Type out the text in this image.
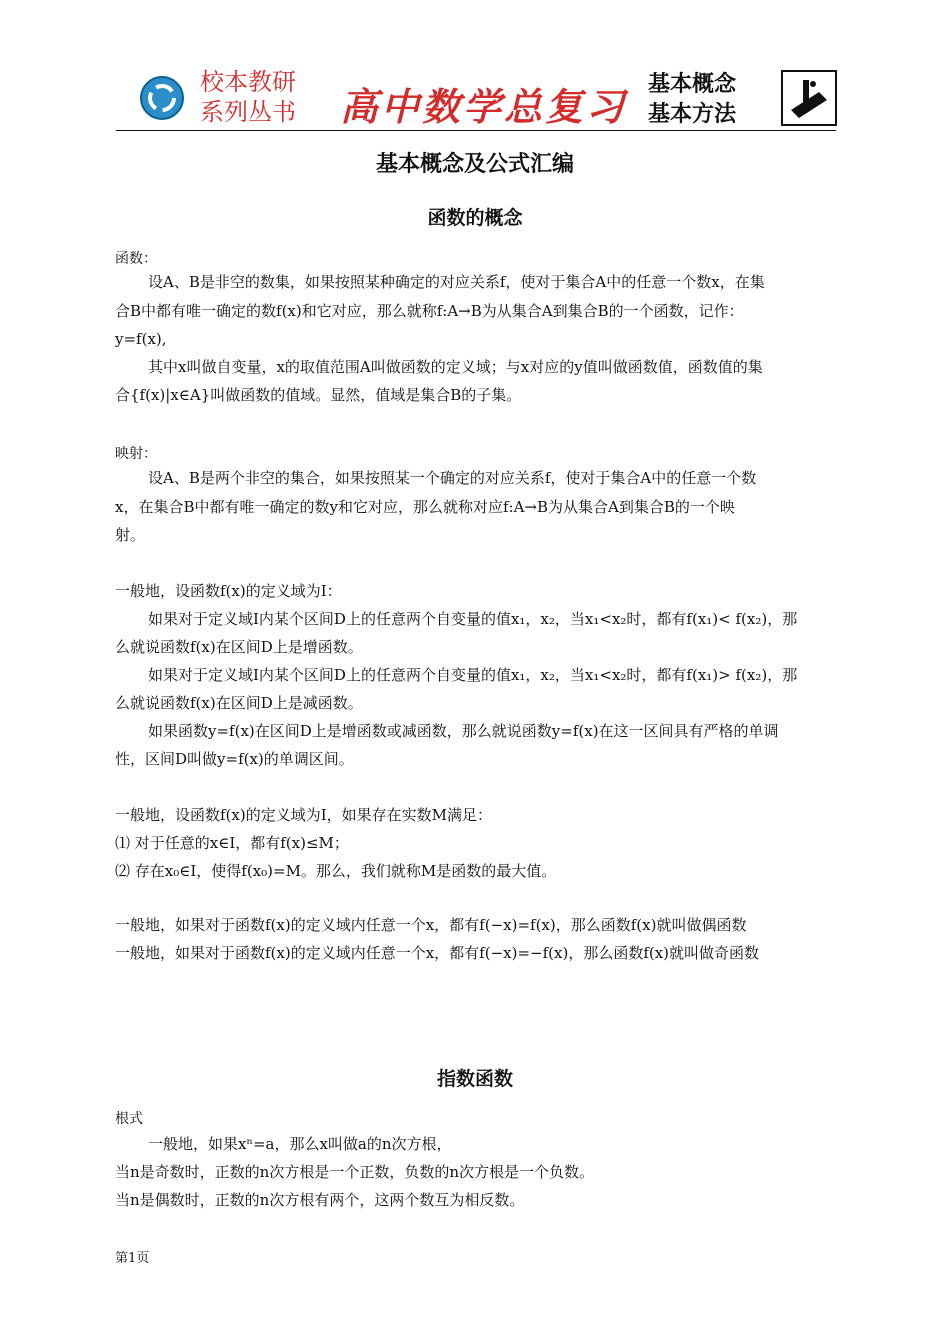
校本教研
系列丛书 高中数学总复习 基本概念
基本方法
基本概念及公式汇编
函数的概念
函数：
设A、B是非空的数集，如果按照某种确定的对应关系f，使对于集合A中的任意一个数x，在集
合B中都有唯一确定的数f(x)和它对应，那么就称f:A→B为从集合A到集合B的一个函数，记作：
y=f(x),
其中x叫做自变量，x的取值范围A叫做函数的定义域；与x对应的y值叫做函数值，函数值的集
合{f(x)|x∈A}叫做函数的值域。显然，值域是集合B的子集。
映射：
设A、B是两个非空的集合，如果按照某一个确定的对应关系f，使对于集合A中的任意一个数
x，在集合B中都有唯一确定的数y和它对应，那么就称对应f:A→B为从集合A到集合B的一个映
射。
一般地，设函数f(x)的定义域为I：
如果对于定义域I内某个区间D上的任意两个自变量的值x₁，x₂，当x₁<x₂时，都有f(x₁)< f(x₂)，那
么就说函数f(x)在区间D上是增函数。
如果对于定义域I内某个区间D上的任意两个自变量的值x₁，x₂，当x₁<x₂时，都有f(x₁)> f(x₂)，那
么就说函数f(x)在区间D上是减函数。
如果函数y=f(x)在区间D上是增函数或减函数，那么就说函数y=f(x)在这一区间具有严格的单调
性，区间D叫做y=f(x)的单调区间。
一般地，设函数f(x)的定义域为I，如果存在实数M满足：
⑴ 对于任意的x∈I，都有f(x)≤M；
⑵ 存在x₀∈I，使得f(x₀)=M。那么，我们就称M是函数的最大值。
一般地，如果对于函数f(x)的定义域内任意一个x，都有f(−x)=f(x)，那么函数f(x)就叫做偶函数
一般地，如果对于函数f(x)的定义域内任意一个x，都有f(−x)=−f(x)，那么函数f(x)就叫做奇函数
指数函数
根式
一般地，如果xⁿ=a，那么x叫做a的n次方根，
当n是奇数时，正数的n次方根是一个正数，负数的n次方根是一个负数。
当n是偶数时，正数的n次方根有两个，这两个数互为相反数。
第1页
